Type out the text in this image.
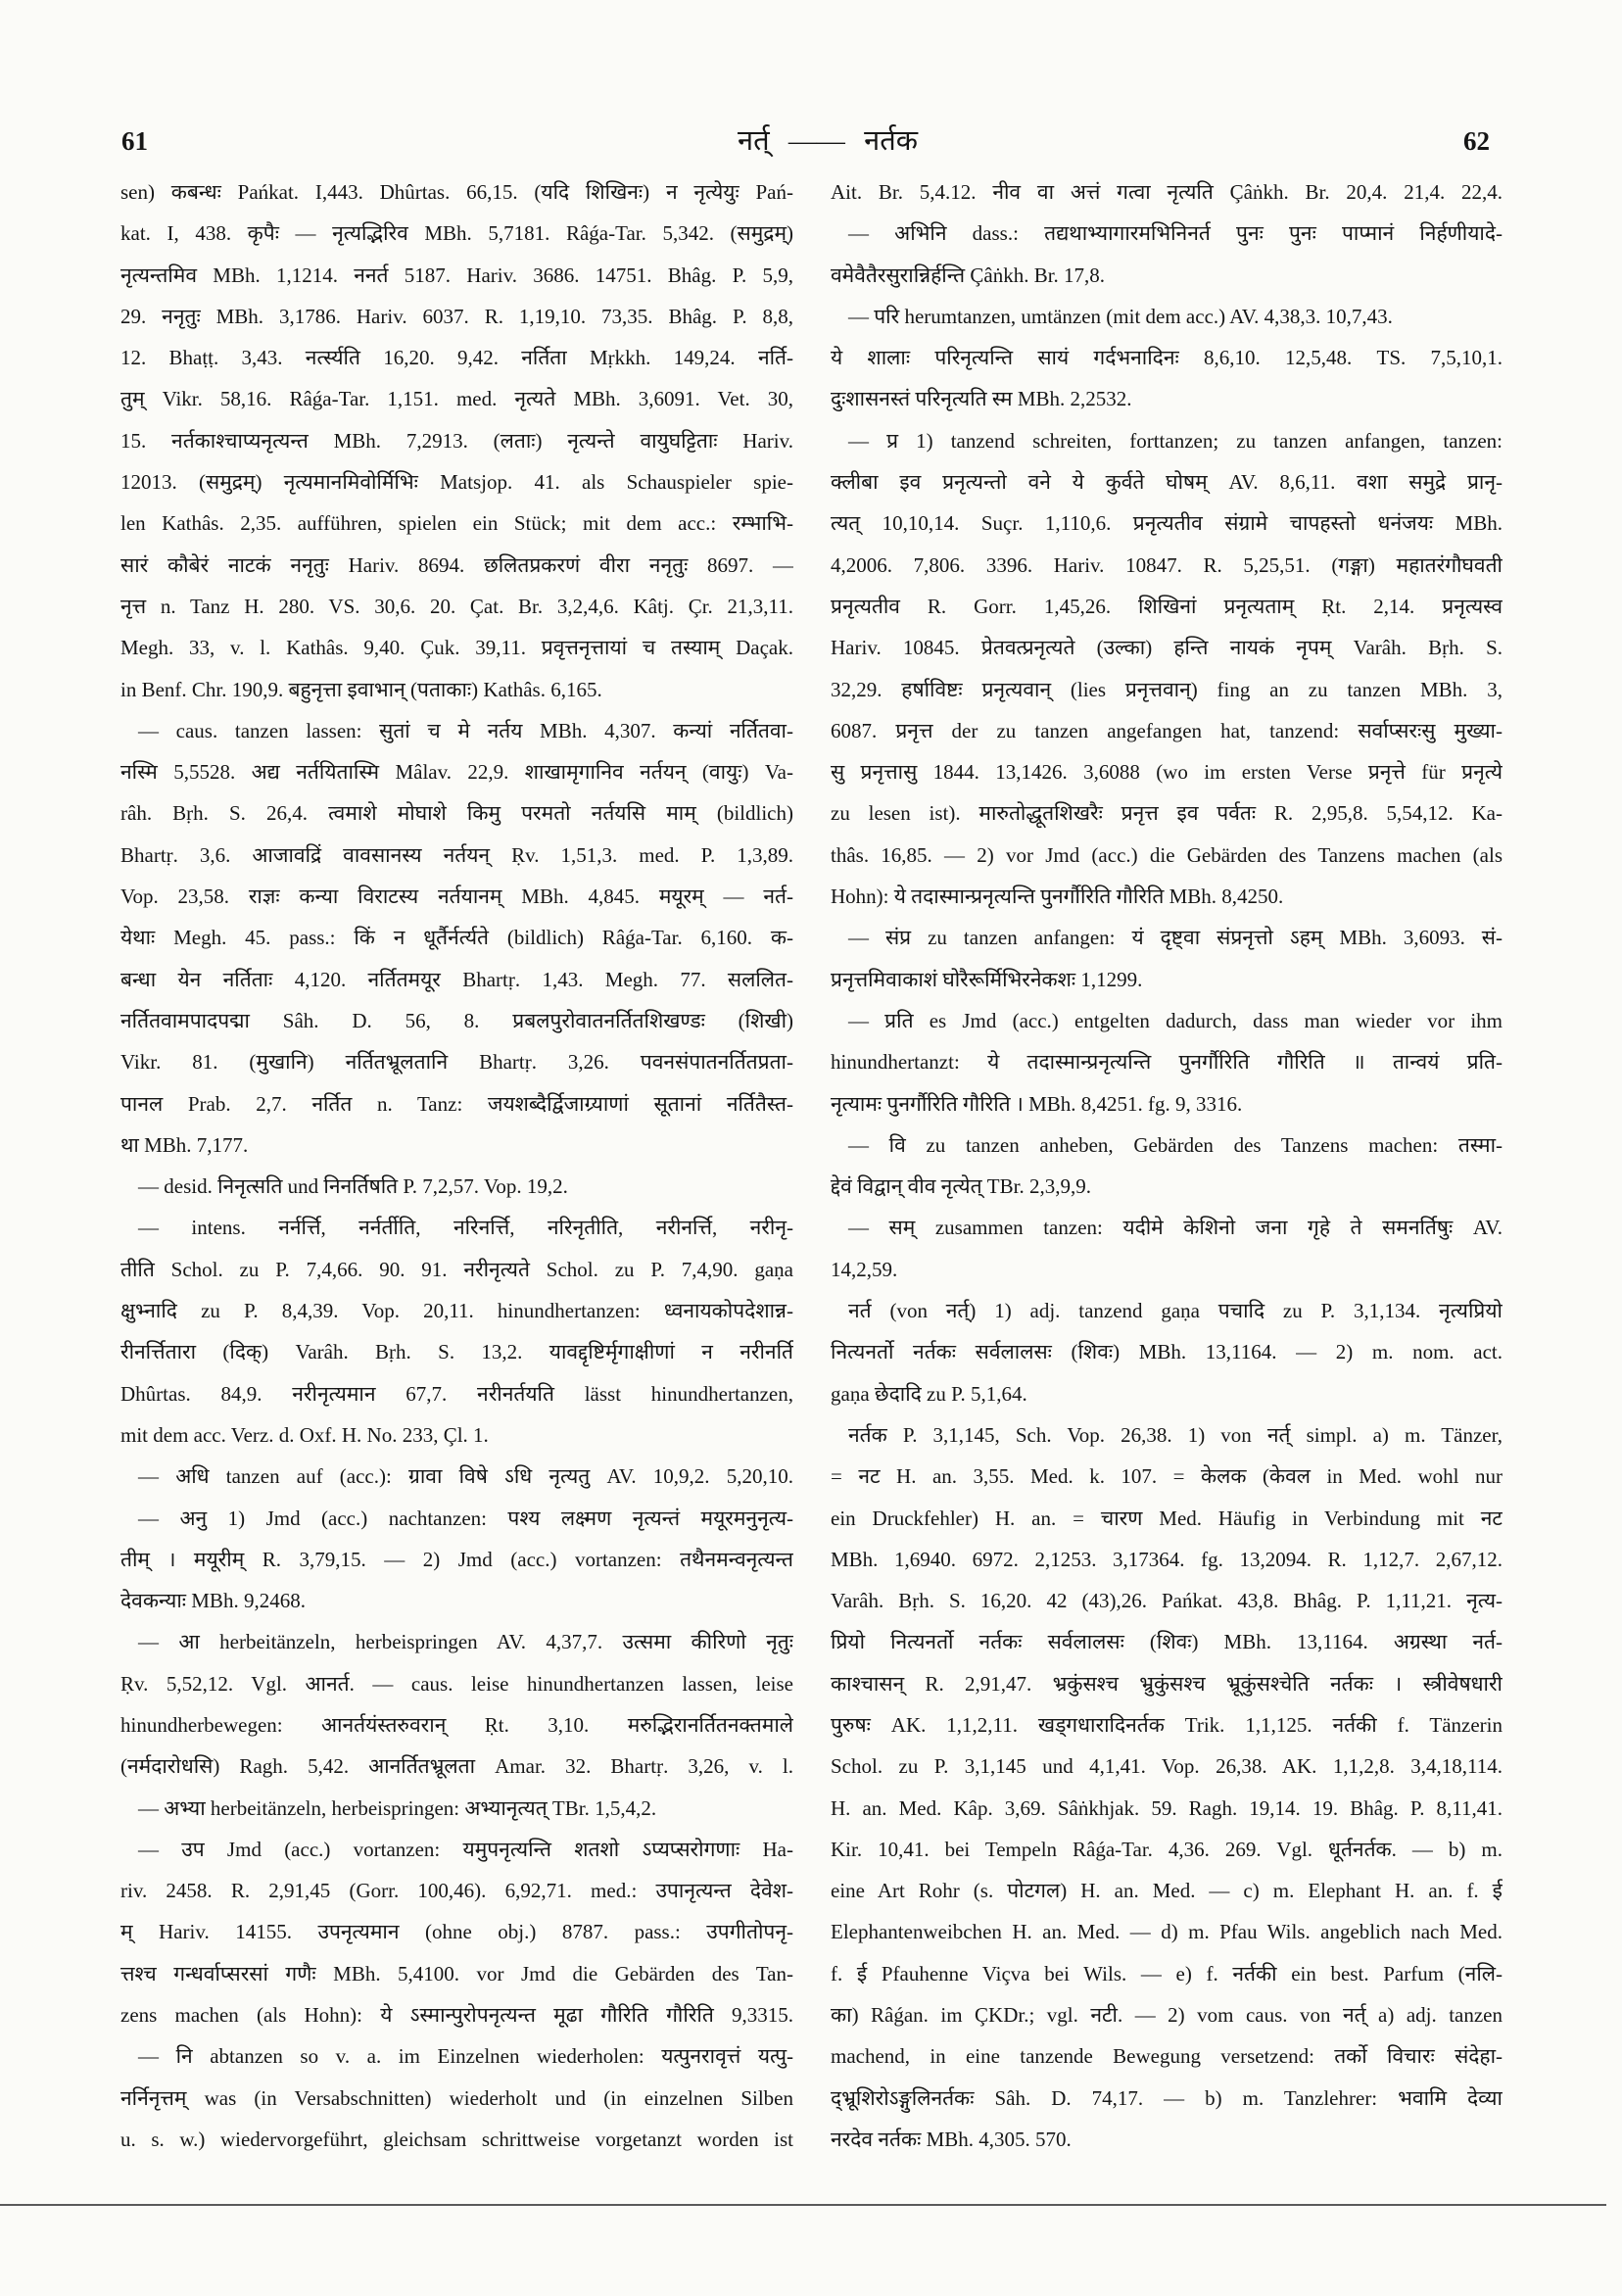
61	नर्त् —— नर्तक	62
sen) कबन्धः Pańkat. I,443. Dhûrtas. 66,15. (यदि शिखिनः) न नृत्येयुः Pań-
kat. I, 438. कृपैः — नृत्यद्भिरिव MBh. 5,7181. Râǵa-Tar. 5,342. (समुद्रम्)
नृत्यन्तमिव MBh. 1,1214. ननर्त 5187. Hariv. 3686. 14751. Bhâg. P. 5,9,
29. ननृतुः MBh. 3,1786. Hariv. 6037. R. 1,19,10. 73,35. Bhâg. P. 8,8,
12. Bhaṭṭ. 3,43. नर्त्स्यति 16,20. 9,42. नर्तिता Mṛkkh. 149,24. नर्ति-
तुम् Vikr. 58,16. Râǵa-Tar. 1,151. med. नृत्यते MBh. 3,6091. Vet. 30,
15. नर्तकाश्चाप्यनृत्यन्त MBh. 7,2913. (लताः) नृत्यन्ते वायुघट्टिताः Hariv.
12013. (समुद्रम्) नृत्यमानमिवोर्मिभिः Matsjop. 41. als Schauspieler spie-
len Kathâs. 2,35. aufführen, spielen ein Stück; mit dem acc.: रम्भाभि-
सारं कौबेरं नाटकं ननृतुः Hariv. 8694. छलितप्रकरणं वीरा ननृतुः 8697. —
नृत्त n. Tanz H. 280. VS. 30,6. 20. Çat. Br. 3,2,4,6. Kâtj. Çr. 21,3,11.
Megh. 33, v. l. Kathâs. 9,40. Çuk. 39,11. प्रवृत्तनृत्तायां च तस्याम् Daçak.
in Benf. Chr. 190,9. बहुनृत्ता इवाभान् (पताकाः) Kathâs. 6,165.
— caus. tanzen lassen: सुतां च मे नर्तय MBh. 4,307. कन्यां नर्तितवा-
नस्मि 5,5528. अद्य नर्तयितास्मि Mâlav. 22,9. शाखामृगानिव नर्तयन् (वायुः) Va-
râh. Bṛh. S. 26,4. त्वमाशे मोघाशे किमु परमतो नर्तयसि माम् (bildlich)
Bhartṛ. 3,6. आजावद्रिं वावसानस्य नर्तयन् Ṛv. 1,51,3. med. P. 1,3,89.
Vop. 23,58. राज्ञः कन्या विराटस्य नर्तयानम् MBh. 4,845. मयूरम् — नर्त-
येथाः Megh. 45. pass.: किं न धूर्तैर्नर्त्यते (bildlich) Râǵa-Tar. 6,160. क-
बन्धा येन नर्तिताः 4,120. नर्तितमयूर Bhartṛ. 1,43. Megh. 77. सललित-
नर्तितवामपादपद्मा Sâh. D. 56, 8. प्रबलपुरोवातनर्तितशिखण्डः (शिखी)
Vikr. 81. (मुखानि) नर्तितभ्रूलतानि Bhartṛ. 3,26. पवनसंपातनर्तितप्रता-
पानल Prab. 2,7. नर्तित n. Tanz: जयशब्दैर्द्विजाग्र्याणां सूतानां नर्तितैस्त-
था MBh. 7,177.
— desid. निनृत्सति und निनर्तिषति P. 7,2,57. Vop. 19,2.
— intens. नर्नर्त्ति, नर्नर्तीति, नरिनर्त्ति, नरिनृतीति, नरीनर्त्ति, नरीनृ-
तीति Schol. zu P. 7,4,66. 90. 91. नरीनृत्यते Schol. zu P. 7,4,90. gaṇa
क्षुभ्नादि zu P. 8,4,39. Vop. 20,11. hinundhertanzen: ध्वनायकोपदेशान्न-
रीनर्त्तितारा (दिक्) Varâh. Bṛh. S. 13,2. यावद्दृष्टिर्मृगाक्षीणां न नरीनर्ति
Dhûrtas. 84,9. नरीनृत्यमान 67,7. नरीनर्तयति lässt hinundhertanzen,
mit dem acc. Verz. d. Oxf. H. No. 233, Çl. 1.
— अधि tanzen auf (acc.): ग्रावा विषे ऽधि नृत्यतु AV. 10,9,2. 5,20,10.
— अनु 1) Jmd (acc.) nachtanzen: पश्य लक्ष्मण नृत्यन्तं मयूरमनुनृत्य-
तीम् । मयूरीम् R. 3,79,15. — 2) Jmd (acc.) vortanzen: तथैनमन्वनृत्यन्त
देवकन्याः MBh. 9,2468.
— आ herbeitänzeln, herbeispringen AV. 4,37,7. उत्समा कीरिणो नृतुः
Ṛv. 5,52,12. Vgl. आनर्त. — caus. leise hinundhertanzen lassen, leise
hinundherbewegen: आनर्तयंस्तरुवरान् Ṛt. 3,10. मरुद्भिरानर्तितनक्तमाले
(नर्मदारोधसि) Ragh. 5,42. आनर्तितभ्रूलता Amar. 32. Bhartṛ. 3,26, v. l.
— अभ्या herbeitänzeln, herbeispringen: अभ्यानृत्यत् TBr. 1,5,4,2.
— उप Jmd (acc.) vortanzen: यमुपनृत्यन्ति शतशो ऽप्यप्सरोगणाः Ha-
riv. 2458. R. 2,91,45 (Gorr. 100,46). 6,92,71. med.: उपानृत्यन्त देवेश-
म् Hariv. 14155. उपनृत्यमान (ohne obj.) 8787. pass.: उपगीतोपनृ-
त्तश्च गन्धर्वाप्सरसां गणैः MBh. 5,4100. vor Jmd die Gebärden des Tan-
zens machen (als Hohn): ये ऽस्मान्पुरोपनृत्यन्त मूढा गौरिति गौरिति 9,3315.
— नि abtanzen so v. a. im Einzelnen wiederholen: यत्पुनरावृत्तं यत्पु-
नर्निनृत्तम् was (in Versabschnitten) wiederholt und (in einzelnen Silben
u. s. w.) wiedervorgeführt, gleichsam schrittweise vorgetanzt worden ist
Ait. Br. 5,4.12. नीव वा अत्तं गत्वा नृत्यति Çâṅkh. Br. 20,4. 21,4. 22,4.
— अभिनि dass.: तद्यथाभ्यागारमभिनिनर्त पुनः पुनः पाप्मानं निर्हणीयादे-
वमेवैतैरसुरान्निर्हन्ति Çâṅkh. Br. 17,8.
— परि herumtanzen, umtänzen (mit dem acc.) AV. 4,38,3. 10,7,43.
ये शालाः परिनृत्यन्ति सायं गर्दभनादिनः 8,6,10. 12,5,48. TS. 7,5,10,1.
दुःशासनस्तं परिनृत्यति स्म MBh. 2,2532.
— प्र 1) tanzend schreiten, forttanzen; zu tanzen anfangen, tanzen:
क्लीबा इव प्रनृत्यन्तो वने ये कुर्वते घोषम् AV. 8,6,11. वशा समुद्रे प्रानृ-
त्यत् 10,10,14. Suçr. 1,110,6. प्रनृत्यतीव संग्रामे चापहस्तो धनंजयः MBh.
4,2006. 7,806. 3396. Hariv. 10847. R. 5,25,51. (गङ्गा) महातरंगौघवती
प्रनृत्यतीव R. Gorr. 1,45,26. शिखिनां प्रनृत्यताम् Ṛt. 2,14. प्रनृत्यस्व
Hariv. 10845. प्रेतवत्प्रनृत्यते (उल्का) हन्ति नायकं नृपम् Varâh. Bṛh. S.
32,29. हर्षाविष्टः प्रनृत्यवान् (lies प्रनृत्तवान्) fing an zu tanzen MBh. 3,
6087. प्रनृत्त der zu tanzen angefangen hat, tanzend: सर्वाप्सरःसु मुख्या-
सु प्रनृत्तासु 1844. 13,1426. 3,6088 (wo im ersten Verse प्रनृत्ते für प्रनृत्ये
zu lesen ist). मारुतोद्धूतशिखरैः प्रनृत्त इव पर्वतः R. 2,95,8. 5,54,12. Ka-
thâs. 16,85. — 2) vor Jmd (acc.) die Gebärden des Tanzens machen (als
Hohn): ये तदास्मान्प्रनृत्यन्ति पुनर्गौरिति गौरिति MBh. 8,4250.
— संप्र zu tanzen anfangen: यं दृष्ट्वा संप्रनृत्तो ऽहम् MBh. 3,6093. सं-
प्रनृत्तमिवाकाशं घोरैरूर्मिभिरनेकशः 1,1299.
— प्रति es Jmd (acc.) entgelten dadurch, dass man wieder vor ihm
hinundhertanzt: ये तदास्मान्प्रनृत्यन्ति पुनर्गौरिति गौरिति ॥ तान्वयं प्रति-
नृत्यामः पुनर्गौरिति गौरिति । MBh. 8,4251. fg. 9, 3316.
— वि zu tanzen anheben, Gebärden des Tanzens machen: तस्मा-
द्देवं विद्वान् वीव नृत्येत् TBr. 2,3,9,9.
— सम् zusammen tanzen: यदीमे केशिनो जना गृहे ते समनर्तिषुः AV.
14,2,59.
नर्त (von नर्त्) 1) adj. tanzend gaṇa पचादि zu P. 3,1,134. नृत्यप्रियो
नित्यनर्तो नर्तकः सर्वलालसः (शिवः) MBh. 13,1164. — 2) m. nom. act.
gaṇa छेदादि zu P. 5,1,64.
नर्तक P. 3,1,145, Sch. Vop. 26,38. 1) von नर्त् simpl. a) m. Tänzer,
= नट H. an. 3,55. Med. k. 107. = केलक (केवल in Med. wohl nur
ein Druckfehler) H. an. = चारण Med. Häufig in Verbindung mit नट
MBh. 1,6940. 6972. 2,1253. 3,17364. fg. 13,2094. R. 1,12,7. 2,67,12.
Varâh. Bṛh. S. 16,20. 42 (43),26. Pańkat. 43,8. Bhâg. P. 1,11,21. नृत्य-
प्रियो नित्यनर्तो नर्तकः सर्वलालसः (शिवः) MBh. 13,1164. अग्रस्था नर्त-
काश्चासन् R. 2,91,47. भ्रकुंसश्च भ्रुकुंसश्च भ्रूकुंसश्चेति नर्तकः । स्त्रीवेषधारी
पुरुषः AK. 1,1,2,11. खड्गधारादिनर्तक Trik. 1,1,125. नर्तकी f. Tänzerin
Schol. zu P. 3,1,145 und 4,1,41. Vop. 26,38. AK. 1,1,2,8. 3,4,18,114.
H. an. Med. Kâp. 3,69. Sâṅkhjak. 59. Ragh. 19,14. 19. Bhâg. P. 8,11,41.
Kir. 10,41. bei Tempeln Râǵa-Tar. 4,36. 269. Vgl. धूर्तनर्तक. — b) m.
eine Art Rohr (s. पोटगल) H. an. Med. — c) m. Elephant H. an. f. ई
Elephantenweibchen H. an. Med. — d) m. Pfau Wils. angeblich nach Med.
f. ई Pfauhenne Viçva bei Wils. — e) f. नर्तकी ein best. Parfum (नलि-
का) Râǵan. im ÇKDr.; vgl. नटी. — 2) vom caus. von नर्त् a) adj. tanzen
machend, in eine tanzende Bewegung versetzend: तर्को विचारः संदेहा-
द्भ्रूशिरोऽङ्गुलिनर्तकः Sâh. D. 74,17. — b) m. Tanzlehrer: भवामि देव्या
नरदेव नर्तकः MBh. 4,305. 570.
